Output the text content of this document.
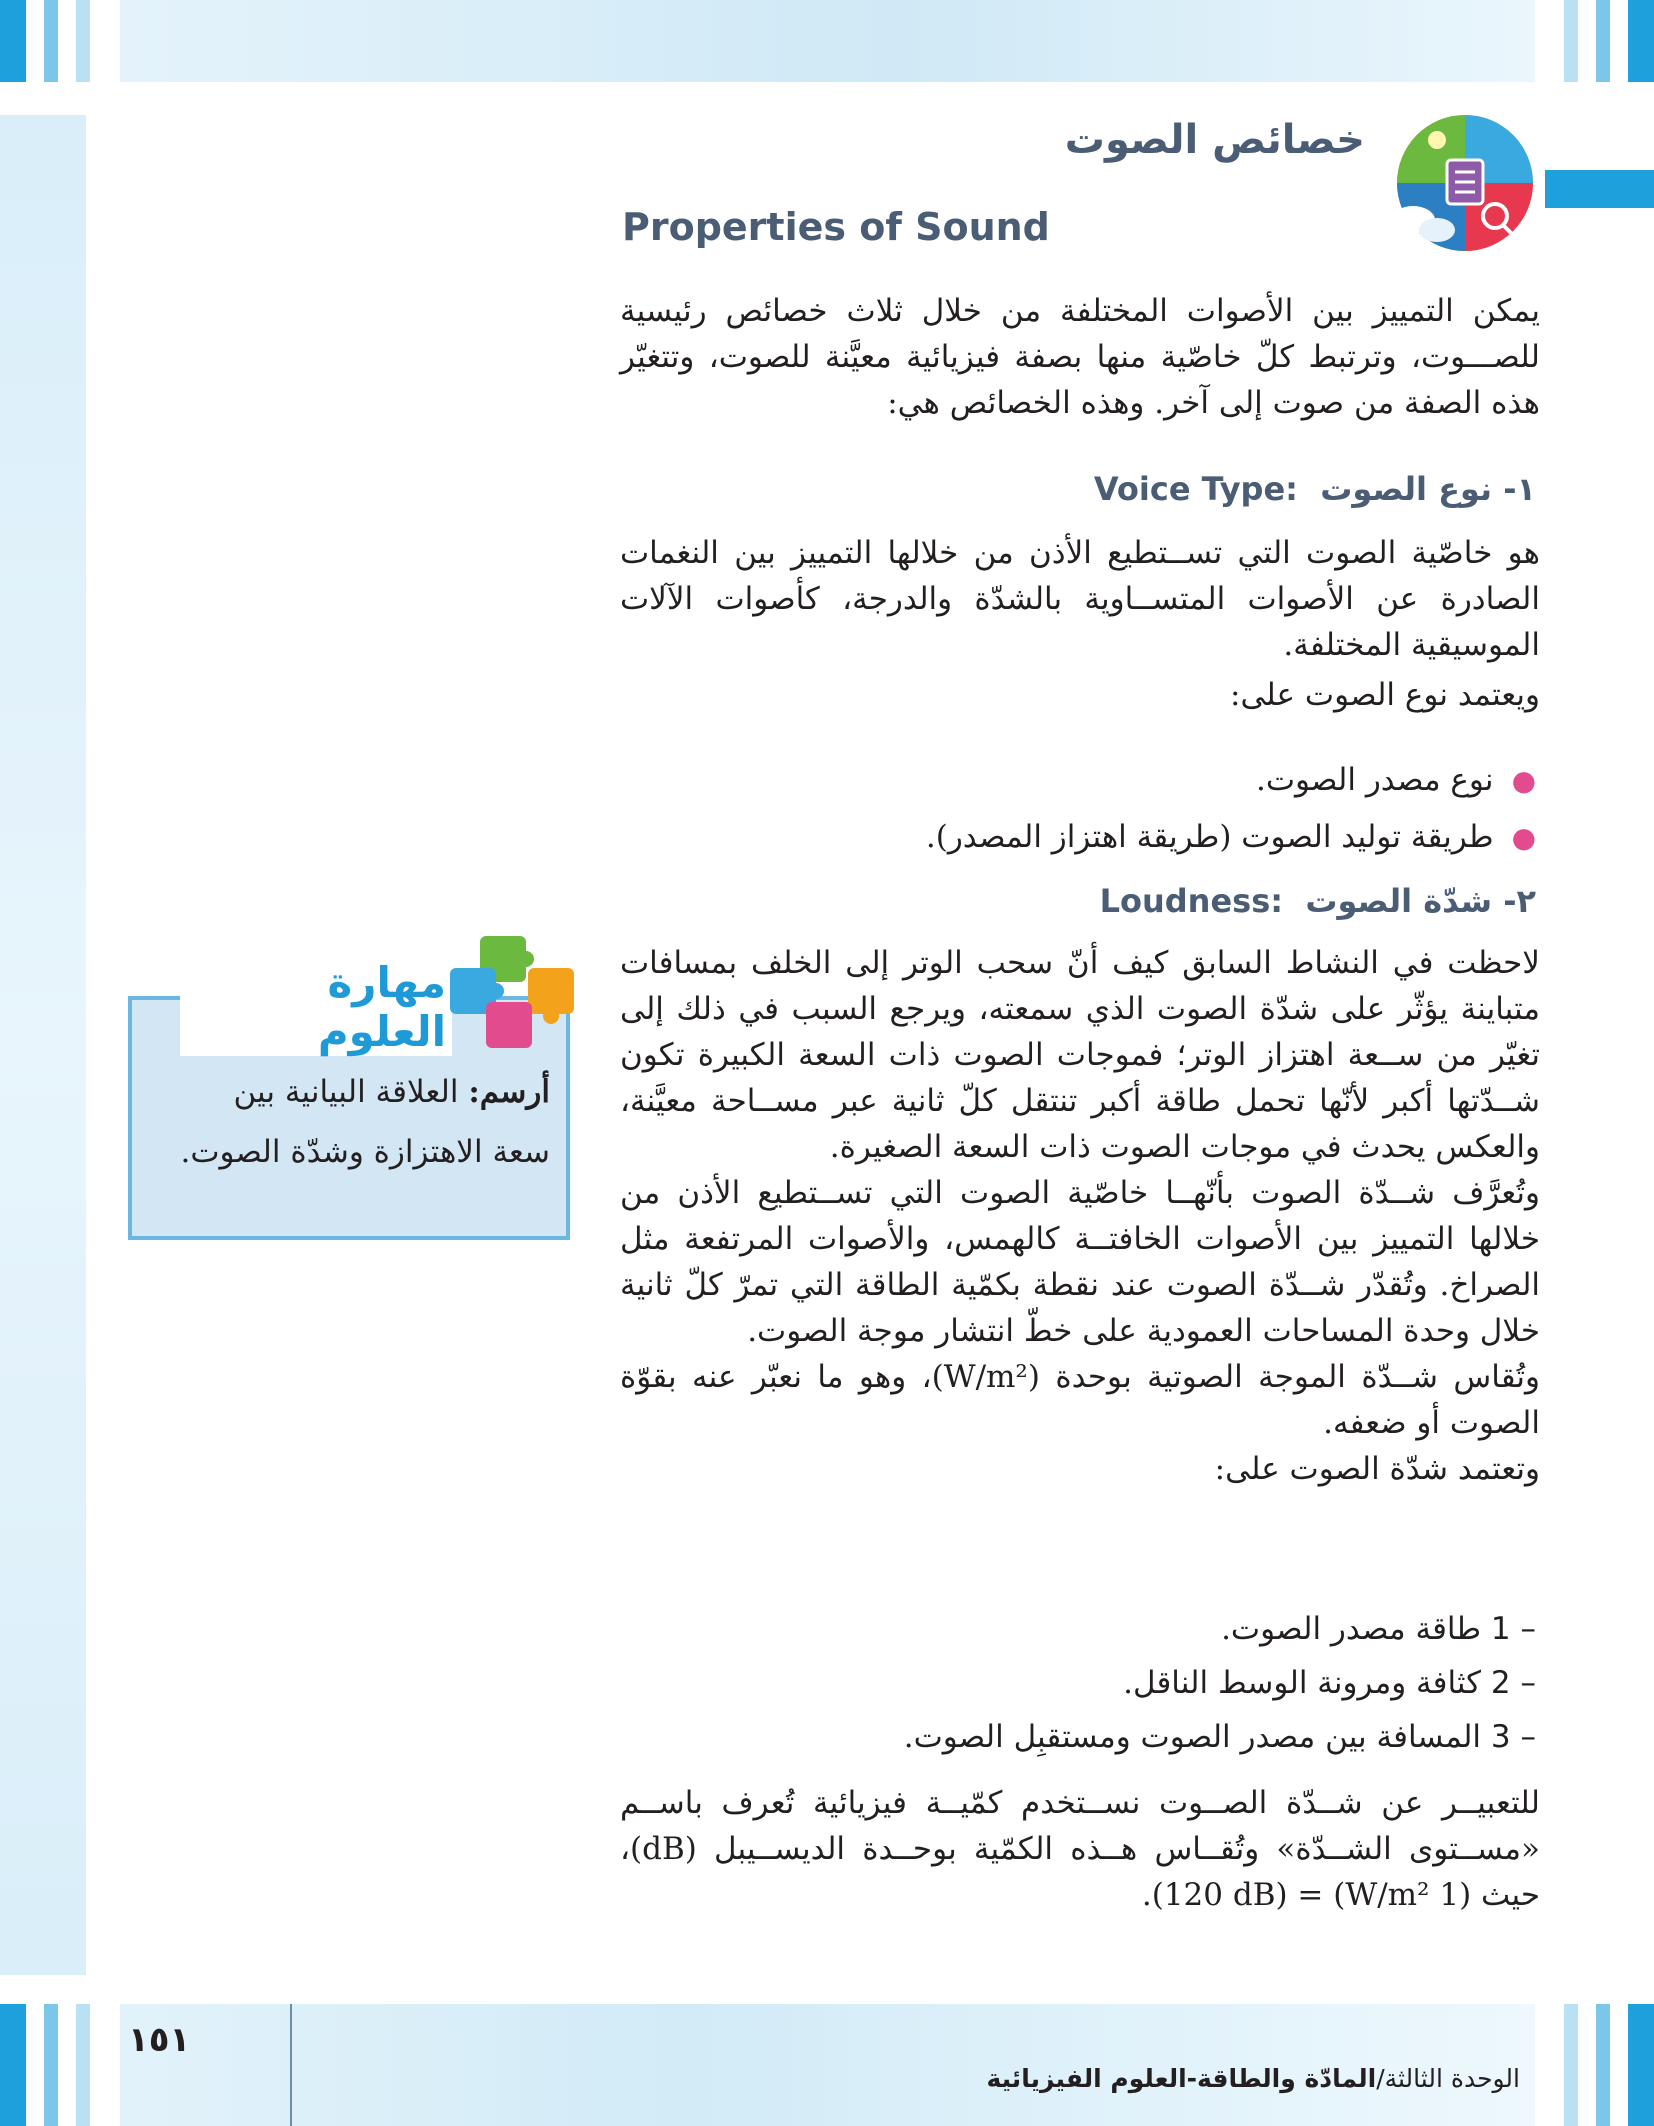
خصائص الصوت
Properties of Sound

يمكن التمييز بين الأصوات المختلفة من خلال ثلاث خصائص رئيسية للصـــوت، وترتبط كلّ خاصّية منها بصفة فيزيائية معيَّنة للصوت، وتتغيّر هذه الصفة من صوت إلى آخر. وهذه الخصائص هي:

١- نوع الصوت  Voice Type:

هو خاصّية الصوت التي تســتطيع الأذن من خلالها التمييز بين النغمات الصادرة عن الأصوات المتســاوية بالشدّة والدرجة، كأصوات الآلات الموسيقية المختلفة.

ويعتمد نوع الصوت على:

●نوع مصدر الصوت.
●طريقة توليد الصوت (طريقة اهتزاز المصدر).
٢- شدّة الصوت  Loudness:

لاحظت في النشاط السابق كيف أنّ سحب الوتر إلى الخلف بمسافات متباينة يؤثّر على شدّة الصوت الذي سمعته، ويرجع السبب في ذلك إلى تغيّر من ســعة اهتزاز الوتر؛ فموجات الصوت ذات السعة الكبيرة تكون شــدّتها أكبر لأنّها تحمل طاقة أكبر تنتقل كلّ ثانية عبر مســاحة معيَّنة، والعكس يحدث في موجات الصوت ذات السعة الصغيرة.

وتُعرَّف شــدّة الصوت بأنّهــا خاصّية الصوت التي تســتطيع الأذن من خلالها التمييز بين الأصوات الخافتــة كالهمس، والأصوات المرتفعة مثل الصراخ. وتُقدّر شــدّة الصوت عند نقطة بكمّية الطاقة التي تمرّ كلّ ثانية خلال وحدة المساحات العمودية على خطّ انتشار موجة الصوت.

وتُقاس شــدّة الموجة الصوتية بوحدة (W/m²)، وهو ما نعبّر عنه بقوّة الصوت أو ضعفه.

وتعتمد شدّة الصوت على:

1 – طاقة مصدر الصوت.
2 – كثافة ومرونة الوسط الناقل.
3 – المسافة بين مصدر الصوت ومستقبِل الصوت.

للتعبيــر عن شــدّة الصــوت نســتخدم كمّيــة فيزيائية تُعرف باســم «مســتوى الشــدّة» وتُقــاس هــذه الكمّية بوحــدة الديســيبل (dB)، حيث (1 W/m²) = (120 dB).

مهارة العلوم
أرسم: العلاقة البيانية بين سعة الاهتزازة وشدّة الصوت.
١٥١
الوحدة الثالثة/المادّة والطاقة-العلوم الفيزيائية
